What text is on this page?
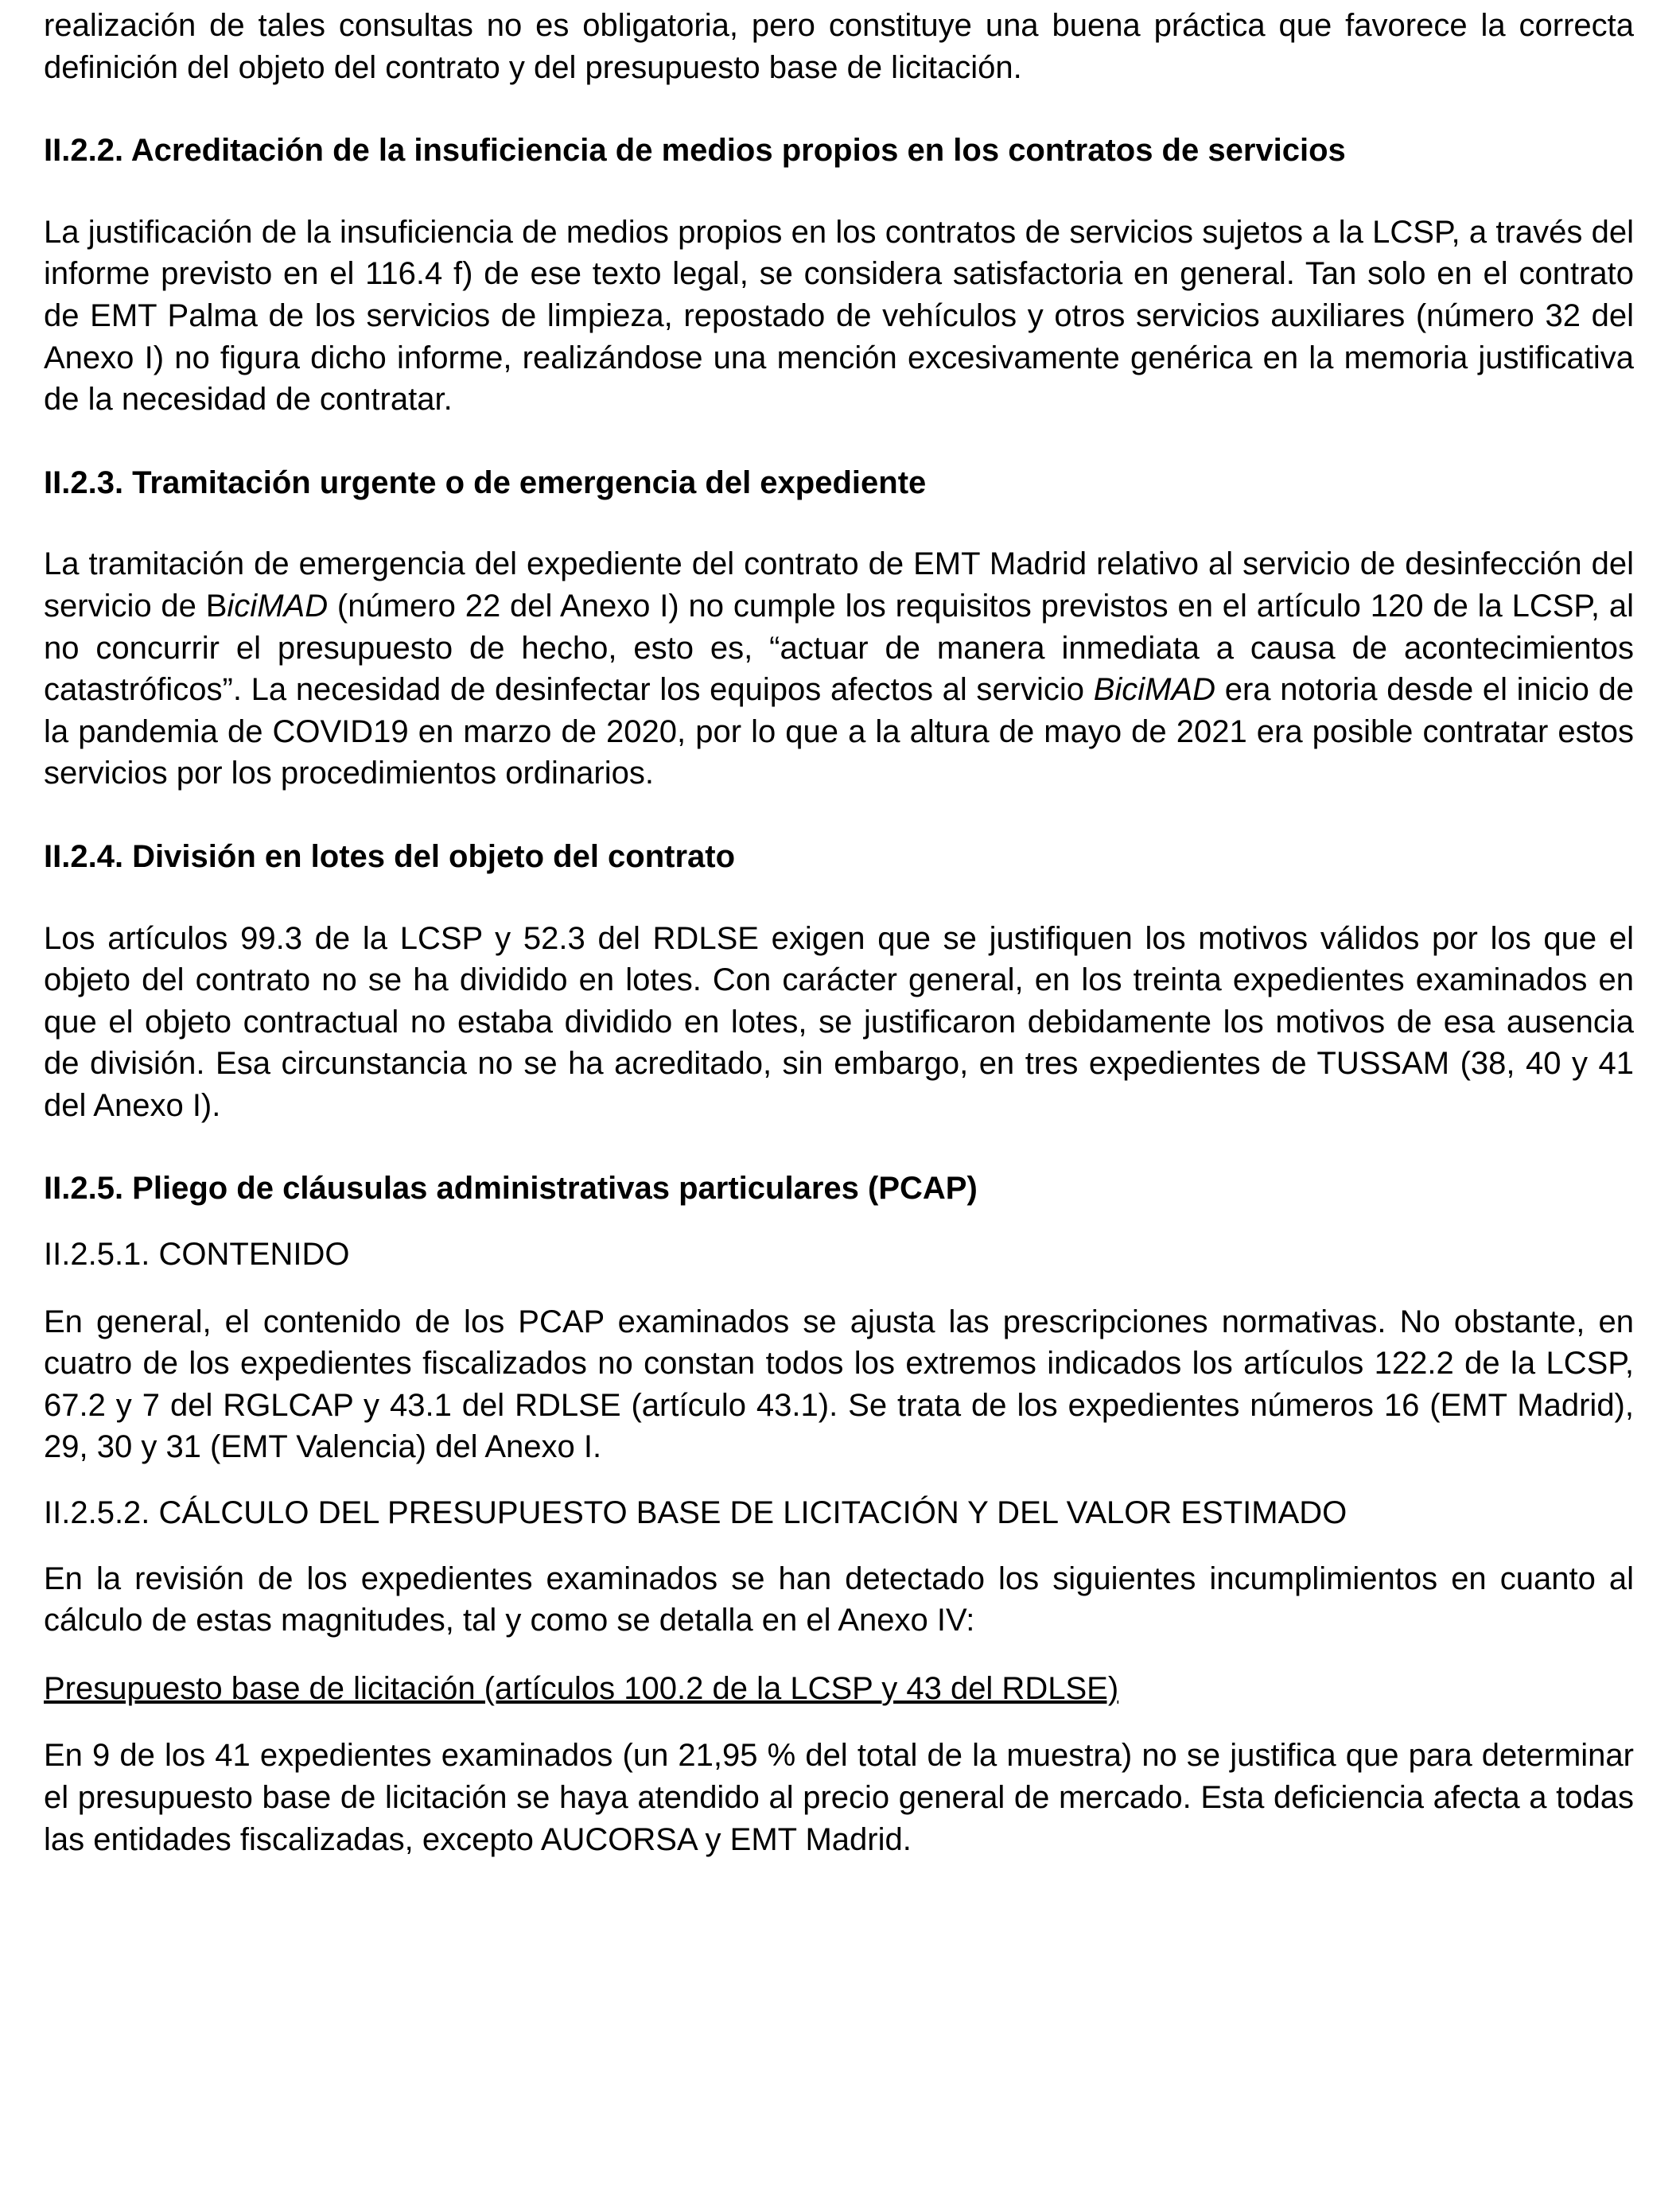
realización de tales consultas no es obligatoria, pero constituye una buena práctica que favorece la correcta definición del objeto del contrato y del presupuesto base de licitación.

II.2.2. Acreditación de la insuficiencia de medios propios en los contratos de servicios

La justificación de la insuficiencia de medios propios en los contratos de servicios sujetos a la LCSP, a través del informe previsto en el 116.4 f) de ese texto legal, se considera satisfactoria en general. Tan solo en el contrato de EMT Palma de los servicios de limpieza, repostado de vehículos y otros servicios auxiliares (número 32 del Anexo I) no figura dicho informe, realizándose una mención excesivamente genérica en la memoria justificativa de la necesidad de contratar.

II.2.3. Tramitación urgente o de emergencia del expediente

La tramitación de emergencia del expediente del contrato de EMT Madrid relativo al servicio de desinfección del servicio de BiciMAD (número 22 del Anexo I) no cumple los requisitos previstos en el artículo 120 de la LCSP, al no concurrir el presupuesto de hecho, esto es, “actuar de manera inmediata a causa de acontecimientos catastróficos”. La necesidad de desinfectar los equipos afectos al servicio BiciMAD era notoria desde el inicio de la pandemia de COVID19 en marzo de 2020, por lo que a la altura de mayo de 2021 era posible contratar estos servicios por los procedimientos ordinarios.

II.2.4. División en lotes del objeto del contrato

Los artículos 99.3 de la LCSP y 52.3 del RDLSE exigen que se justifiquen los motivos válidos por los que el objeto del contrato no se ha dividido en lotes. Con carácter general, en los treinta expedientes examinados en que el objeto contractual no estaba dividido en lotes, se justificaron debidamente los motivos de esa ausencia de división. Esa circunstancia no se ha acreditado, sin embargo, en tres expedientes de TUSSAM (38, 40 y 41 del Anexo I).

II.2.5. Pliego de cláusulas administrativas particulares (PCAP)

II.2.5.1. CONTENIDO

En general, el contenido de los PCAP examinados se ajusta las prescripciones normativas. No obstante, en cuatro de los expedientes fiscalizados no constan todos los extremos indicados los artículos 122.2 de la LCSP, 67.2 y 7 del RGLCAP y 43.1 del RDLSE (artículo 43.1). Se trata de los expedientes números 16 (EMT Madrid), 29, 30 y 31 (EMT Valencia) del Anexo I.

II.2.5.2. CÁLCULO DEL PRESUPUESTO BASE DE LICITACIÓN Y DEL VALOR ESTIMADO

En la revisión de los expedientes examinados se han detectado los siguientes incumplimientos en cuanto al cálculo de estas magnitudes, tal y como se detalla en el Anexo IV:

Presupuesto base de licitación (artículos 100.2 de la LCSP y 43 del RDLSE)

En 9 de los 41 expedientes examinados (un 21,95 % del total de la muestra) no se justifica que para determinar el presupuesto base de licitación se haya atendido al precio general de mercado. Esta deficiencia afecta a todas las entidades fiscalizadas, excepto AUCORSA y EMT Madrid.
